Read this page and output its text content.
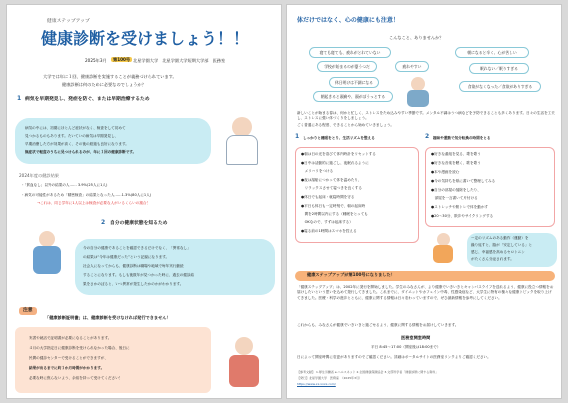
健康ステップアップ
健康診断を受けましょう！！
2025年3月	第100号 北星学園大学　北星学園大学短期大学部　医務室
大学では年に１回、健康診断を実施することが義務づけられています。
健康診断は何のために必要なのでしょうか？
1 病気を早期発見し、発症を防ぐ、または早期治療するため
病気の中には、初期にほとんど症状がなく、検査をして初めて
見つかるものもあります。たいていの病気は早期発見し、
早期治療した方が効果が高く、その後の経過も良好になります。
無症状で軽度のうちに見つけられるのが、年に１回の健康診断です。
2024年度の健診結果
・「貧血なし」以外の結果の人…… 3.9%(25人に1人)
・病気の可能性があるため「精密検査」の結果となった人……1.3%(80人に1人)
→これは、同じ学年に1人以上は検査が必要な人がいるくらいの割合！
2 自分の健康状態を知るため
今の自分の健康であることを確認できるだけでなく、「異常なし」
の結果は“今年は健康だった”という記録になります。
社会人になってからも、健康診断は職場や地域で毎年実行継続
することになります。もしも後数年が見つかった時に、過去の健診結
果をさかのぼると、いつ異常が発生したかのかがわかります。
注意
「健康診断証明書」は、健康診断を受けなければ発行できません！
実習や就活で証明書が必要になることがあります。
４月の大学指定日に健康診断を受けられなかった場合、後日に
民間の健診センターで受けることができますが、
結果が出るまでに約１か月時間がかかります。
必要な時に焦らないよう、余裕を持って受けてください！
体だけではなく、心の健康にも注意！
こんなこと、ありませんか？
寝ても寝ても、疲れがとれていない
学校が始まるのが憂うつだ	疲れやすい
休日明けは不調になる
朝起きると頭痛や、頭がぼうっとする
朝になると辛く、心が苦しい
眠れない／眠りすぎる
食欲がなくなった／食欲がありすぎる
新しいことが始まる春は、何かと忙しく、ストレスをため込みやすい季節です。メンタル不調はうつ病などを予防できることも多くあります。日々の生活を工夫し、ストレスに強い体づくりをしましょう。
ごく普通にある程度、できることから始めていきましょう。
1 しっかりと睡眠をとり、生活リズムを整える
●朝は日の光を浴びて体内時計をリセットする
●日中は活動的に過ごし、夜眠れるように
　メリハリをつける
●夜は湯船につかって体を温めたり、
　リラックスさせて寝つきを良くする
●休日でも起床・就寝時間を守る
●平日も休日も一定時刻で、朝の起床時
　間を2時間以内にする（睡眠をとっても
　OKなので、すずは起床する）
●寝る前の1時間はスマホを控える
2 趣味や運動で気分転換の時間をとる
●好きな番組を見る、歌を歌う
●好きな音楽を聴く、歌を歌う
●本や漫画を読む
●今の気持ちを紙に書いて整理してみる
●自分の部屋の掃除をしたり、
　部屋を一言書いて片付ける
●ストレッチや筋トレで体を動かす
●20～30分、散歩やサイクリングする
ー定のリズムのある動作（運動）を
繰り返すと、脳が「安定している」と
感じ、幸福感を高めるセロトニン
がたくさん分泌されます。
健康ステップアップが第100号になりました！
「健康ステップアップ」は、2002年に発行を開始しました。学生のみなさんが、より健康でいきいきとキャンパスライフを送れるよう、健康に役立つ情報をお届けしたいという思いを込めて発行してきました。これまでに、ダイエットやカフェイン中毒、性感染症など、大学生に特有の様々な健康トピックを取り上げてきました。医療・科学の進歩とともに、健康に関する情報は日々変わっていますので、ぜひ最新情報を参考にしてください。
これからも、みなさんが健康でいきいきと過ごせるよう、健康に関する情報をお届けしていきます。
医務室開室時間
平日 8:45〜17:00（開室後は18:00まで）
日によって開室時間に変更がありますのでご確認ください。詳細はポータルサイトの医務室リンクよりご確認ください。
【参考文献】 1.厚生労働省 e-ヘルスネット 2.全国健康保険協会 3.文部科学省「健康診断に関する資料」
【発行】北星学園大学　医務室　（2025年3月）
https://www.xx.xxxx.com/
